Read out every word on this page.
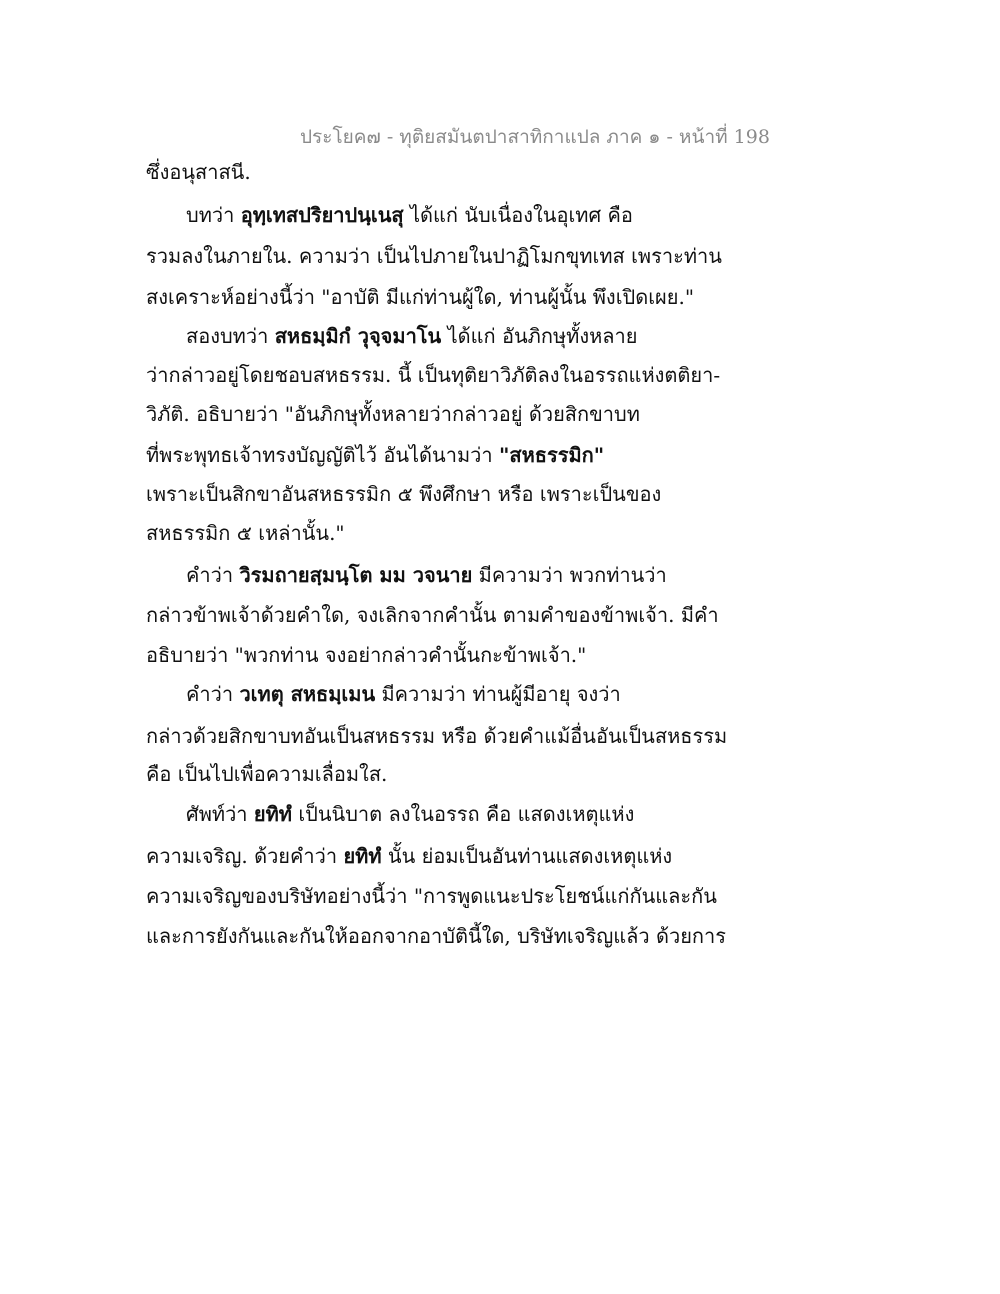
ประโยค๗ - ทุติยสมันตปาสาทิกาแปล ภาค ๑ - หน้าที่ 198
ซึ่งอนุสาสนี.
บทว่า อุทฺเทสปริยาปนฺเนสุ ได้แก่ นับเนื่องในอุเทศ คือ
รวมลงในภายใน. ความว่า เป็นไปภายในปาฏิโมกขุทเทส เพราะท่าน
สงเคราะห์อย่างนี้ว่า "อาบัติ มีแก่ท่านผู้ใด, ท่านผู้นั้น พึงเปิดเผย."
สองบทว่า สหธมฺมิกํ วุจฺจมาโน ได้แก่ อันภิกษุทั้งหลาย
ว่ากล่าวอยู่โดยชอบสหธรรม. นี้ เป็นทุติยาวิภัติลงในอรรถแห่งตติยา-
วิภัติ. อธิบายว่า "อันภิกษุทั้งหลายว่ากล่าวอยู่ ด้วยสิกขาบท
ที่พระพุทธเจ้าทรงบัญญัติไว้ อันได้นามว่า "สหธรรมิก"
เพราะเป็นสิกขาอันสหธรรมิก ๕ พึงศึกษา หรือ เพราะเป็นของ
สหธรรมิก ๕ เหล่านั้น."
คำว่า วิรมถายสฺมนฺโต มม วจนาย มีความว่า พวกท่านว่า
กล่าวข้าพเจ้าด้วยคำใด, จงเลิกจากคำนั้น ตามคำของข้าพเจ้า. มีคำ
อธิบายว่า "พวกท่าน จงอย่ากล่าวคำนั้นกะข้าพเจ้า."
คำว่า วเทตุ สหธมฺเมน มีความว่า ท่านผู้มีอายุ จงว่า
กล่าวด้วยสิกขาบทอันเป็นสหธรรม หรือ ด้วยคำแม้อื่นอันเป็นสหธรรม
คือ เป็นไปเพื่อความเลื่อมใส.
ศัพท์ว่า ยทิทํ เป็นนิบาต ลงในอรรถ คือ แสดงเหตุแห่ง
ความเจริญ. ด้วยคำว่า ยทิทํ นั้น ย่อมเป็นอันท่านแสดงเหตุแห่ง
ความเจริญของบริษัทอย่างนี้ว่า "การพูดแนะประโยชน์แก่กันและกัน
และการยังกันและกันให้ออกจากอาบัตินี้ใด, บริษัทเจริญแล้ว ด้วยการ
